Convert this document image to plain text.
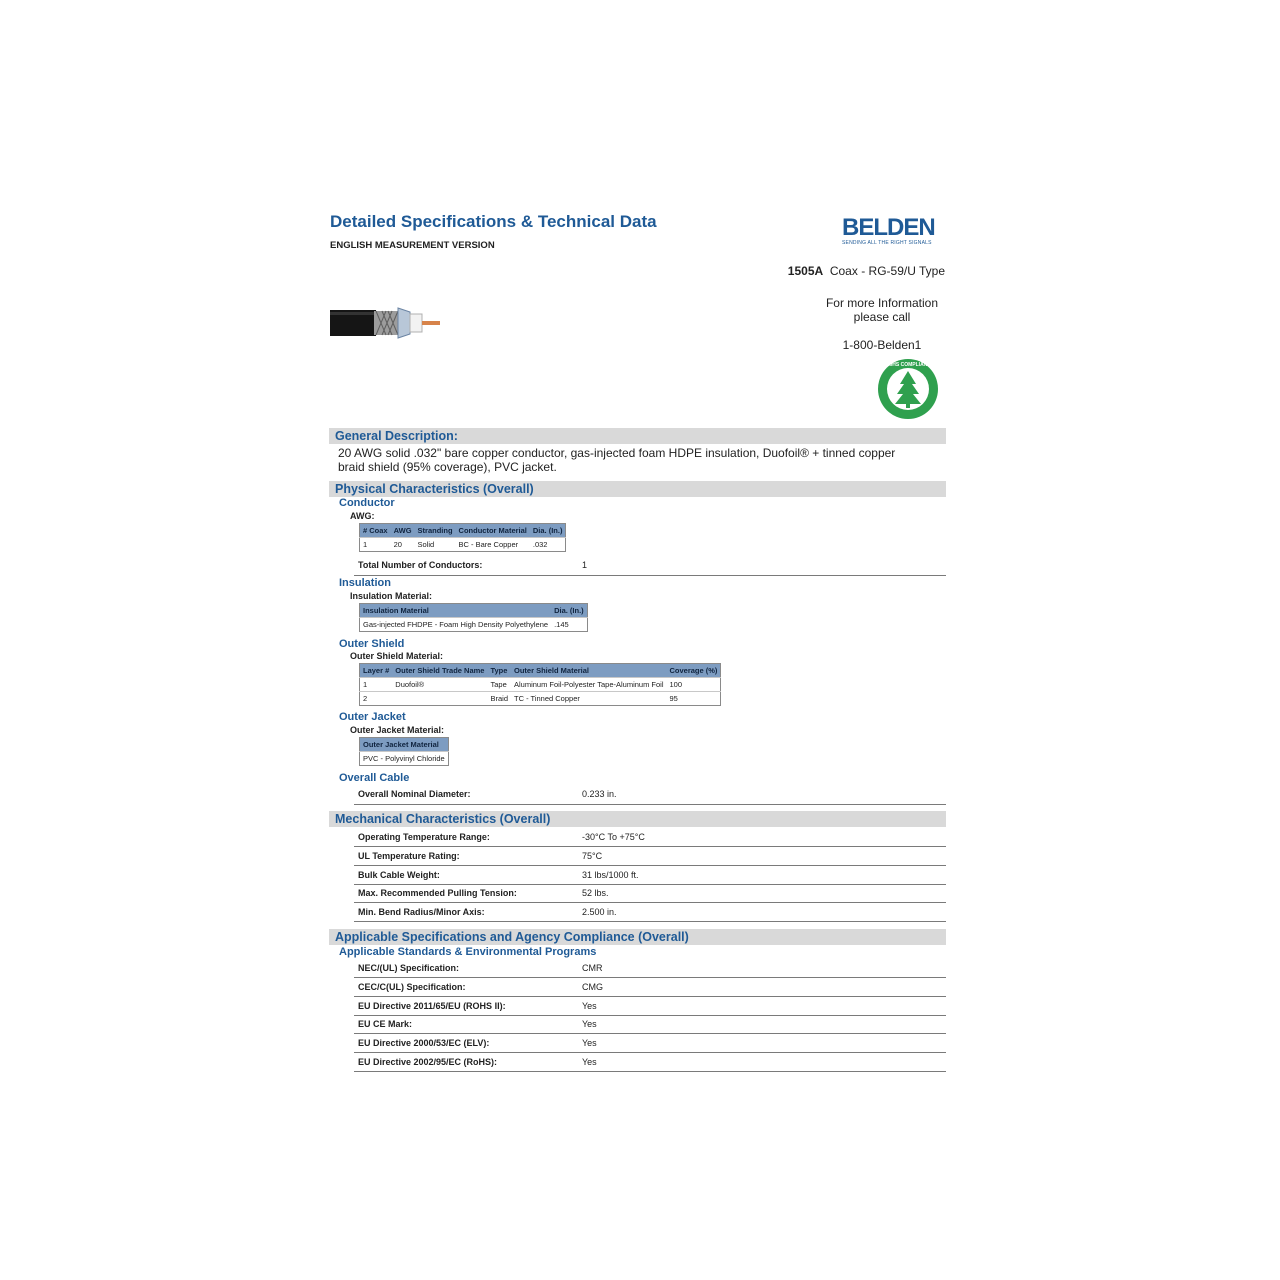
Detailed Specifications & Technical Data
ENGLISH MEASUREMENT VERSION
BELDEN
SENDING ALL THE RIGHT SIGNALS
1505A Coax - RG-59/U Type
For more Information
please call
1-800-Belden1
RoHS COMPLIANT
General Description:
20 AWG solid .032" bare copper conductor, gas-injected foam HDPE insulation, Duofoil® + tinned copper braid shield (95% coverage), PVC jacket.
Physical Characteristics (Overall)
Conductor
AWG:
# Coax	AWG	Stranding	Conductor Material	Dia. (In.)
1	20	Solid	BC - Bare Copper	.032
Total Number of Conductors:	1
Insulation
Insulation Material:
Insulation Material	Dia. (In.)
Gas-injected FHDPE - Foam High Density Polyethylene	.145
Outer Shield
Outer Shield Material:
Layer #	Outer Shield Trade Name	Type	Outer Shield Material	Coverage (%)
1	Duofoil®	Tape	Aluminum Foil-Polyester Tape-Aluminum Foil	100
2		Braid	TC - Tinned Copper	95
Outer Jacket
Outer Jacket Material:
Outer Jacket Material
PVC - Polyvinyl Chloride
Overall Cable
Overall Nominal Diameter:	0.233 in.
Mechanical Characteristics (Overall)
Operating Temperature Range:	-30°C To +75°C
UL Temperature Rating:	75°C
Bulk Cable Weight:	31 lbs/1000 ft.
Max. Recommended Pulling Tension:	52 lbs.
Min. Bend Radius/Minor Axis:	2.500 in.
Applicable Specifications and Agency Compliance (Overall)
Applicable Standards & Environmental Programs
NEC/(UL) Specification:	CMR
CEC/C(UL) Specification:	CMG
EU Directive 2011/65/EU (ROHS II):	Yes
EU CE Mark:	Yes
EU Directive 2000/53/EC (ELV):	Yes
EU Directive 2002/95/EC (RoHS):	Yes
